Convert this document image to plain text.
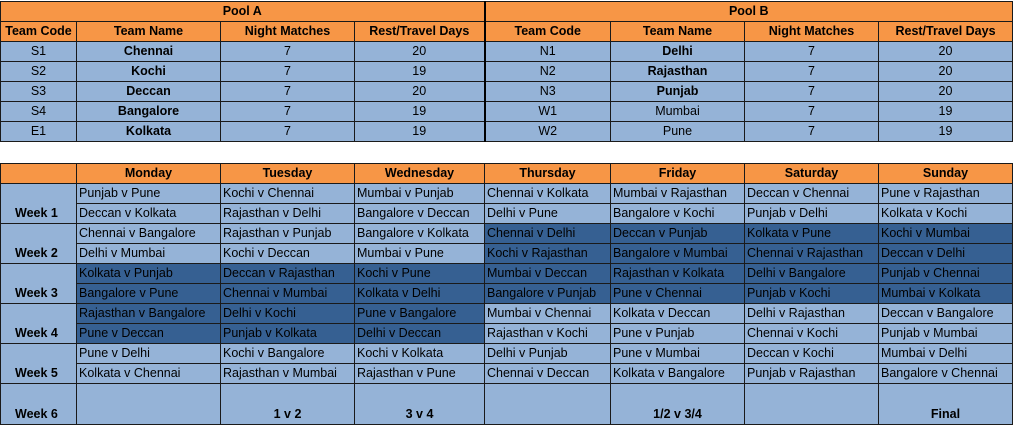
Pool A				Pool B			
Team Code	Team Name	Night Matches	Rest/Travel Days	Team Code	Team Name	Night Matches	Rest/Travel Days
S1	Chennai	7	20	N1	Delhi	7	20
S2	Kochi	7	19	N2	Rajasthan	7	20
S3	Deccan	7	20	N3	Punjab	7	20
S4	Bangalore	7	19	W1	Mumbai	7	19
E1	Kolkata	7	19	W2	Pune	7	19
	Monday	Tuesday	Wednesday	Thursday	Friday	Saturday	Sunday
Week 1	Punjab v Pune	Kochi v Chennai	Mumbai v Punjab	Chennai v Kolkata	Mumbai v Rajasthan	Deccan v Chennai	Pune v Rajasthan
	Deccan v Kolkata	Rajasthan v Delhi	Bangalore v Deccan	Delhi v Pune	Bangalore v Kochi	Punjab v Delhi	Kolkata v Kochi
Week 2	Chennai v Bangalore	Rajasthan v Punjab	Bangalore v Kolkata	Chennai v Delhi	Deccan v Punjab	Kolkata v Pune	Kochi v Mumbai
	Delhi v Mumbai	Kochi v Deccan	Mumbai v Pune	Kochi v Rajasthan	Bangalore v Mumbai	Chennai v Rajasthan	Deccan v Delhi
Week 3	Kolkata v Punjab	Deccan v Rajasthan	Kochi v Pune	Mumbai v Deccan	Rajasthan v Kolkata	Delhi v Bangalore	Punjab v Chennai
	Bangalore v Pune	Chennai v Mumbai	Kolkata v Delhi	Bangalore v Punjab	Pune v Chennai	Punjab v Kochi	Mumbai v Kolkata
Week 4	Rajasthan v Bangalore	Delhi v Kochi	Pune v Bangalore	Mumbai v Chennai	Kolkata v Deccan	Delhi v Rajasthan	Deccan v Bangalore
	Pune v Deccan	Punjab v Kolkata	Delhi v Deccan	Rajasthan v Kochi	Pune v Punjab	Chennai v Kochi	Punjab v Mumbai
Week 5	Pune v Delhi	Kochi v Bangalore	Kochi v Kolkata	Delhi v Punjab	Pune v Mumbai	Deccan v Kochi	Mumbai v Delhi
	Kolkata v Chennai	Rajasthan v Mumbai	Rajasthan v Pune	Chennai v Deccan	Kolkata v Bangalore	Punjab v Rajasthan	Bangalore v Chennai
Week 6		1 v 2	3 v 4		1/2 v 3/4		Final
